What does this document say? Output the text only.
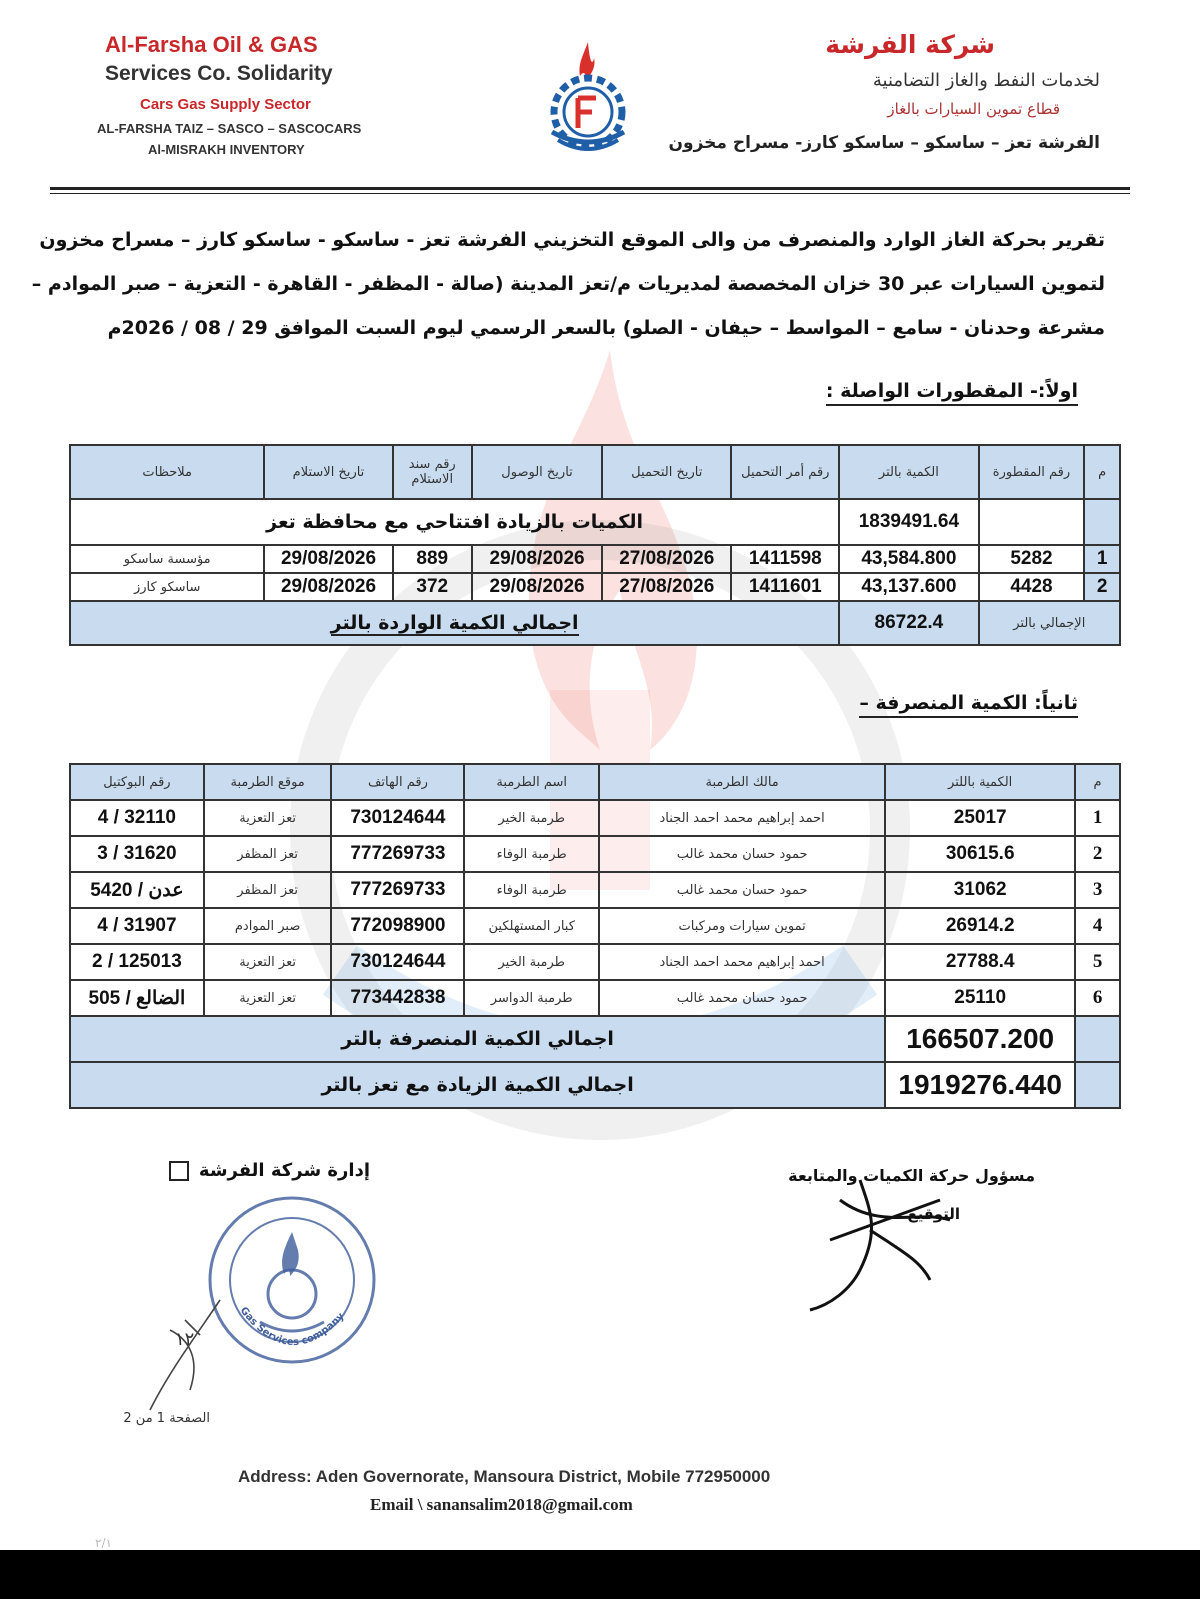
Al-Farsha Oil & GAS
Services Co. Solidarity
Cars Gas Supply Sector
AL-FARSHA TAIZ – SASCO – SASCOCARS
Al-MISRAKH INVENTORY
شركة الفرشة
لخدمات النفط والغاز التضامنية
قطاع تموين السيارات بالغاز
الفرشة تعز – ساسكو – ساسكو كارز- مسراح مخزون
تقرير بحركة الغاز الوارد والمنصرف من والى الموقع التخزيني الفرشة تعز - ساسكو - ساسكو كارز – مسراح مخزون
لتموين السيارات عبر 30 خزان المخصصة لمديريات م/تعز المدينة (صالة - المظفر - القاهرة - التعزية – صبر الموادم –
مشرعة وحدنان - سامع – المواسط – حيفان - الصلو) بالسعر الرسمي ليوم السبت الموافق 29 / 08 / 2026م
اولاً:- المقطورات الواصلة :
م	رقم المقطورة	الكمية بالتر	رقم أمر التحميل	تاريخ التحميل	تاريخ الوصول	رقم سند الاستلام	تاريخ الاستلام	ملاحظات
		1839491.64	الكميات بالزيادة افتتاحي مع محافظة تعز					
1	5282	43,584.800	1411598	27/08/2026	29/08/2026	889	29/08/2026	مؤسسة ساسكو
2	4428	43,137.600	1411601	27/08/2026	29/08/2026	372	29/08/2026	ساسكو كارز
الإجمالي بالتر		86722.4	اجمالي الكمية الواردة بالتر					
ثانياً: الكمية المنصرفة –
م	الكمية باللتر	مالك الطرمبة	اسم الطرمبة	رقم الهاتف	موقع الطرمبة	رقم البوكتيل
1	25017	احمد إبراهيم محمد احمد الجناد	طرمبة الخير	730124644	تعز التعزية	32110 / 4
2	30615.6	حمود حسان محمد غالب	طرمبة الوفاء	777269733	تعز المظفر	31620 / 3
3	31062	حمود حسان محمد غالب	طرمبة الوفاء	777269733	تعز المظفر	عدن / 5420
4	26914.2	تموين سيارات ومركبات	كبار المستهلكين	772098900	صبر الموادم	31907 / 4
5	27788.4	احمد إبراهيم محمد احمد الجناد	طرمبة الخير	730124644	تعز التعزية	125013 / 2
6	25110	حمود حسان محمد غالب	طرمبة الدواسر	773442838	تعز التعزية	الضالع / 505
	166507.200	اجمالي الكمية المنصرفة بالتر				
	1919276.440	اجمالي الكمية الزيادة مع تعز بالتر				
إدارة شركة الفرشة	مسؤول حركة الكميات والمتابعة
التوقيع
Gas Services company
١٢
الصفحة 1 من 2
Address: Aden Governorate, Mansoura District, Mobile 772950000
Email \ sanansalim2018@gmail.com
٢/١
